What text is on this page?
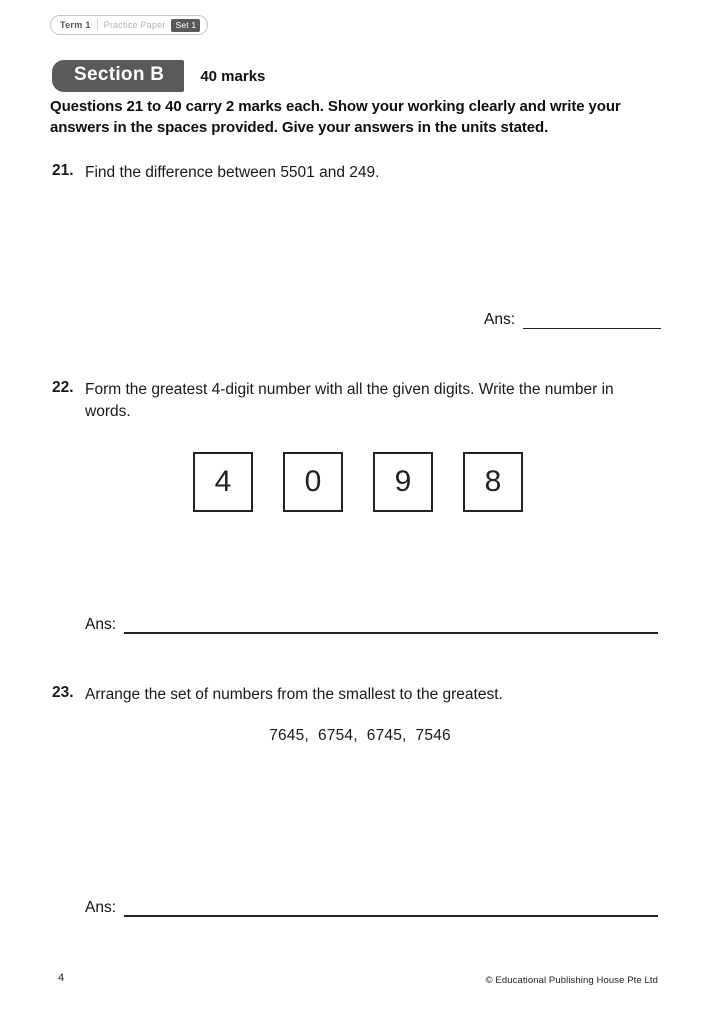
Term 1 Practice Paper	Set 1
Section B	40 marks
Questions 21 to 40 carry 2 marks each. Show your working clearly and write your answers in the spaces provided. Give your answers in the units stated.
21. Find the difference between 5501 and 249.
Ans:
22. Form the greatest 4-digit number with all the given digits. Write the number in words.
4	0	9	8
Ans:
23. Arrange the set of numbers from the smallest to the greatest.
7645,  6754,  6745,  7546
Ans:
4	© Educational Publishing House Pte Ltd
